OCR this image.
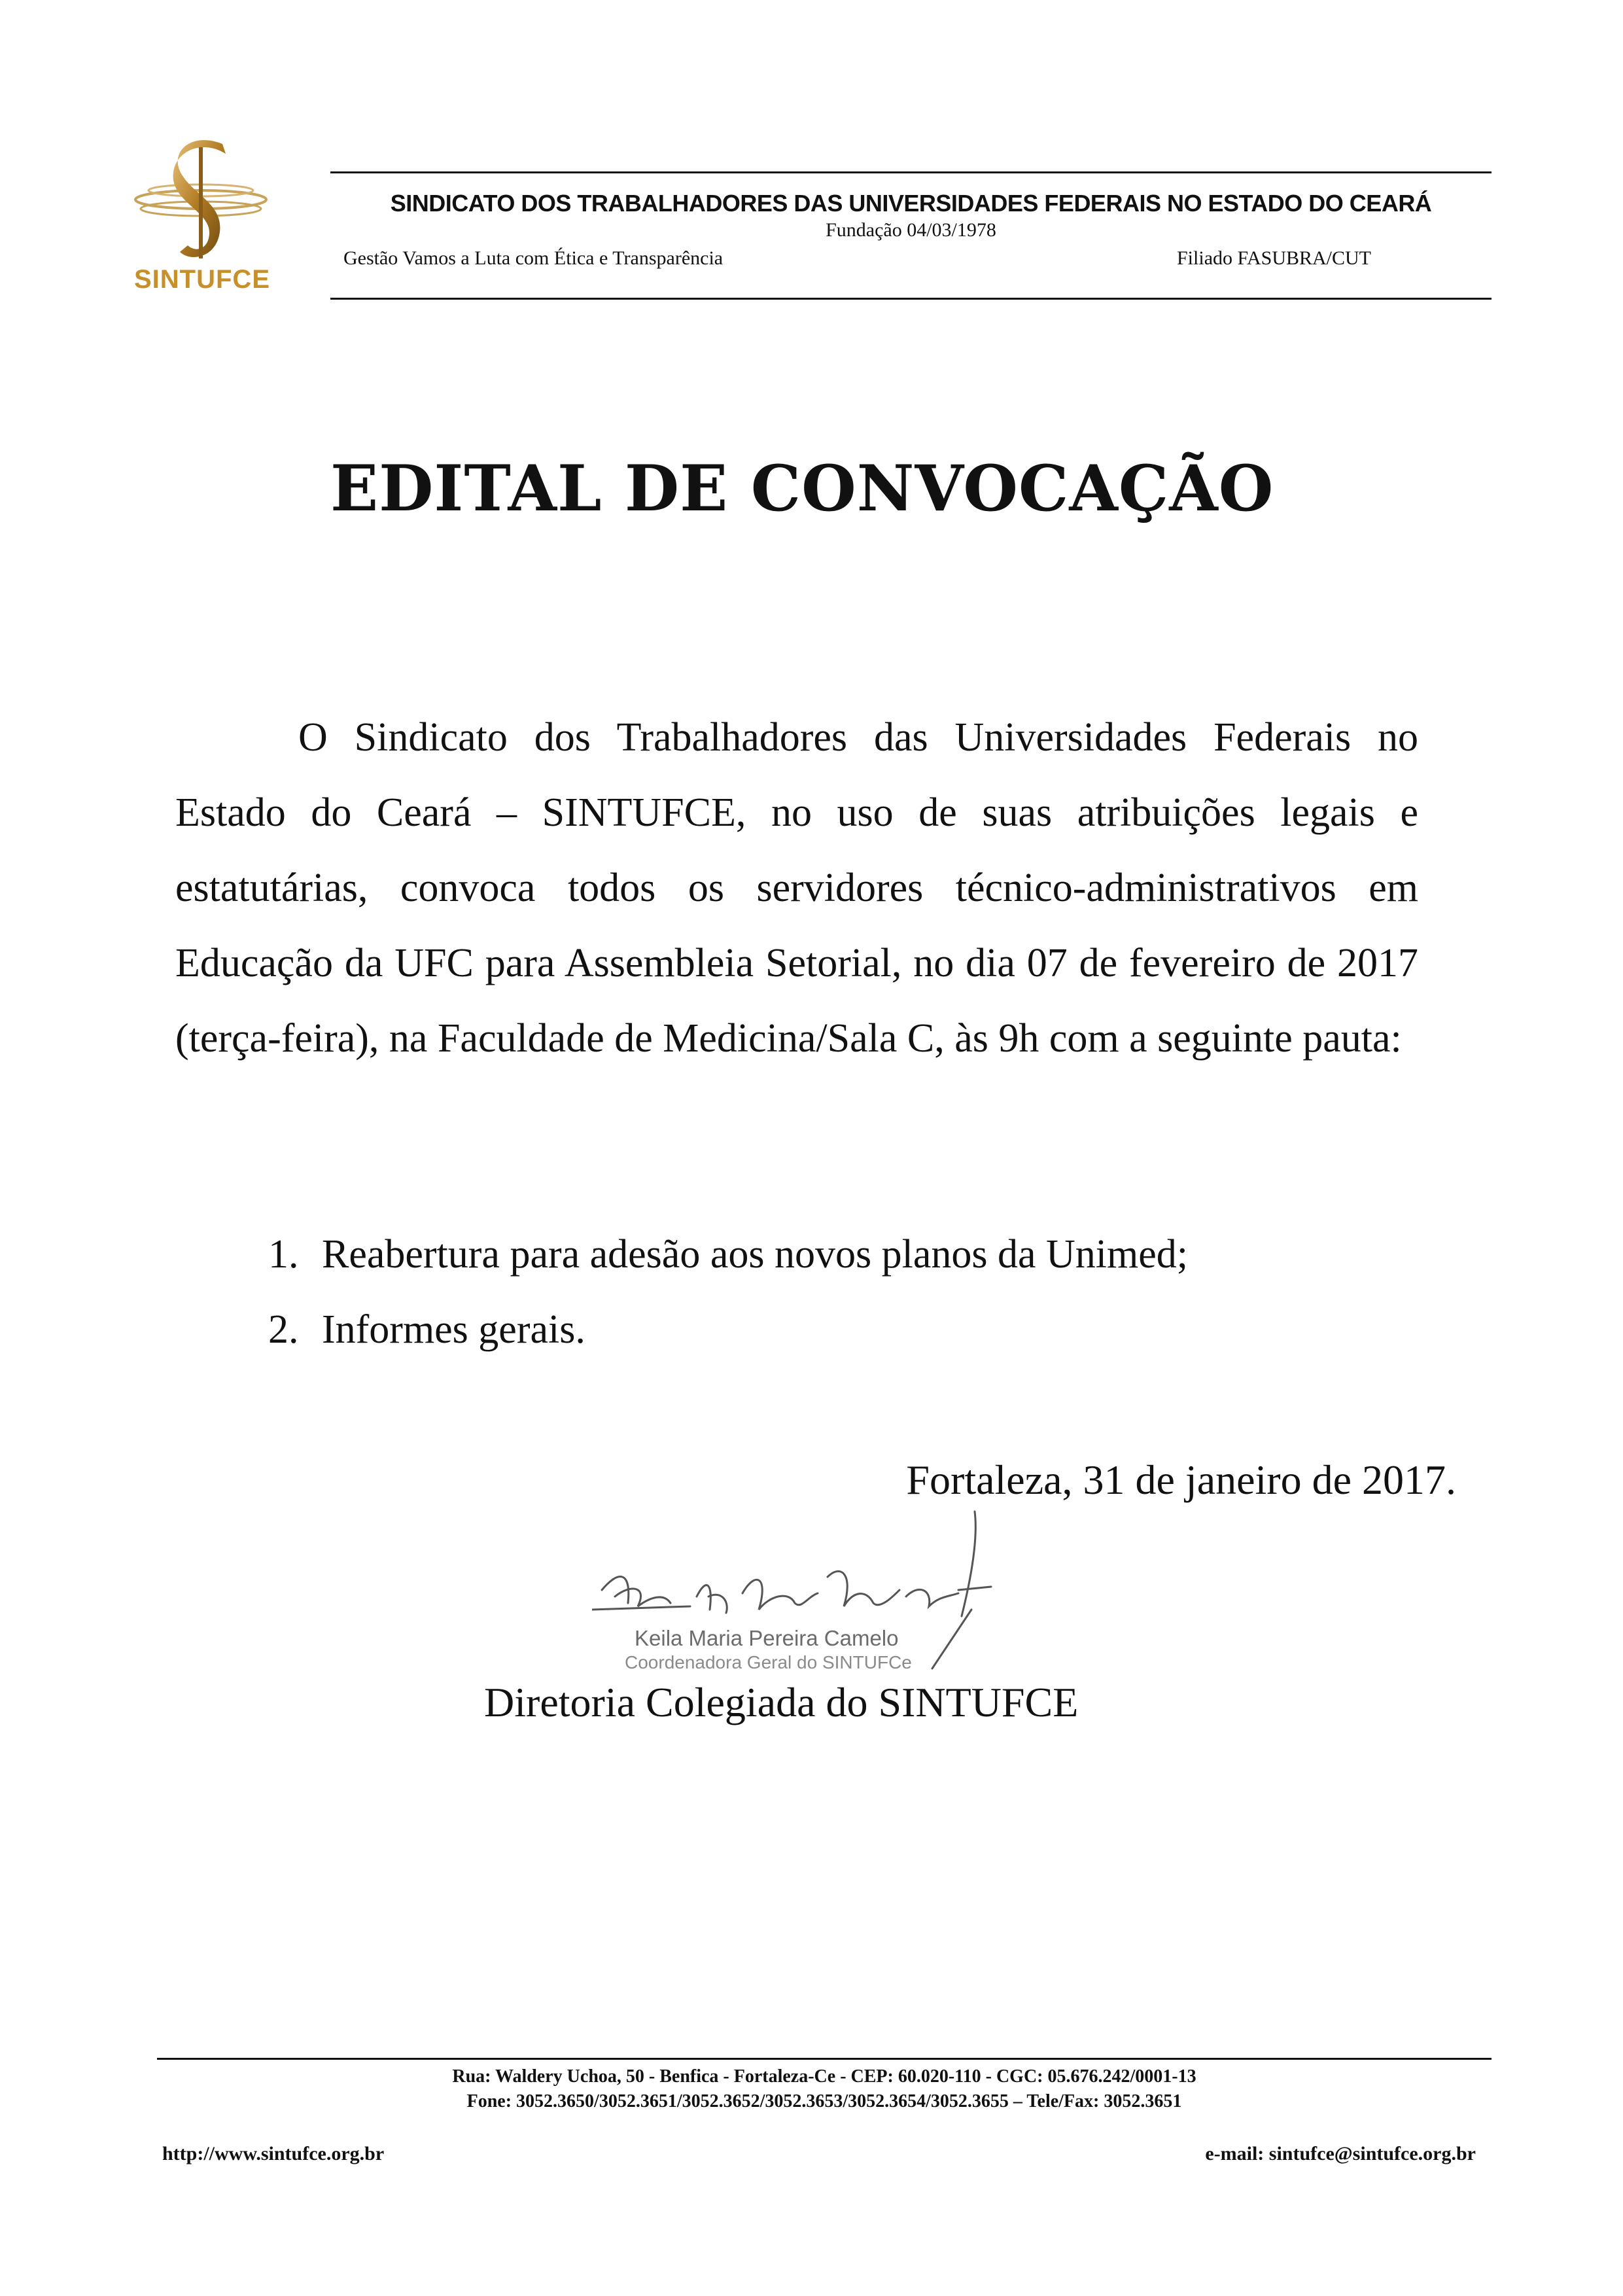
SINTUFCE
SINDICATO DOS TRABALHADORES DAS UNIVERSIDADES FEDERAIS NO ESTADO DO CEARÁ
Fundação 04/03/1978
Gestão Vamos a Luta com Ética e Transparência	Filiado FASUBRA/CUT
EDITAL DE CONVOCAÇÃO
O Sindicato dos Trabalhadores das Universidades Federais no Estado do Ceará – SINTUFCE, no uso de suas atribuições legais e estatutárias, convoca todos os servidores técnico-administrativos em Educação da UFC para Assembleia Setorial, no dia 07 de fevereiro de 2017 (terça-feira), na Faculdade de Medicina/Sala C, às 9h com a seguinte pauta:
1. Reabertura para adesão aos novos planos da Unimed;
2. Informes gerais.
Fortaleza, 31 de janeiro de 2017.
Keila Maria Pereira Camelo
Coordenadora Geral do SINTUFCe
Diretoria Colegiada do SINTUFCE
Rua: Waldery Uchoa, 50 - Benfica - Fortaleza-Ce - CEP: 60.020-110 - CGC: 05.676.242/0001-13
Fone: 3052.3650/3052.3651/3052.3652/3052.3653/3052.3654/3052.3655 – Tele/Fax: 3052.3651
http://www.sintufce.org.br	e-mail: sintufce@sintufce.org.br
